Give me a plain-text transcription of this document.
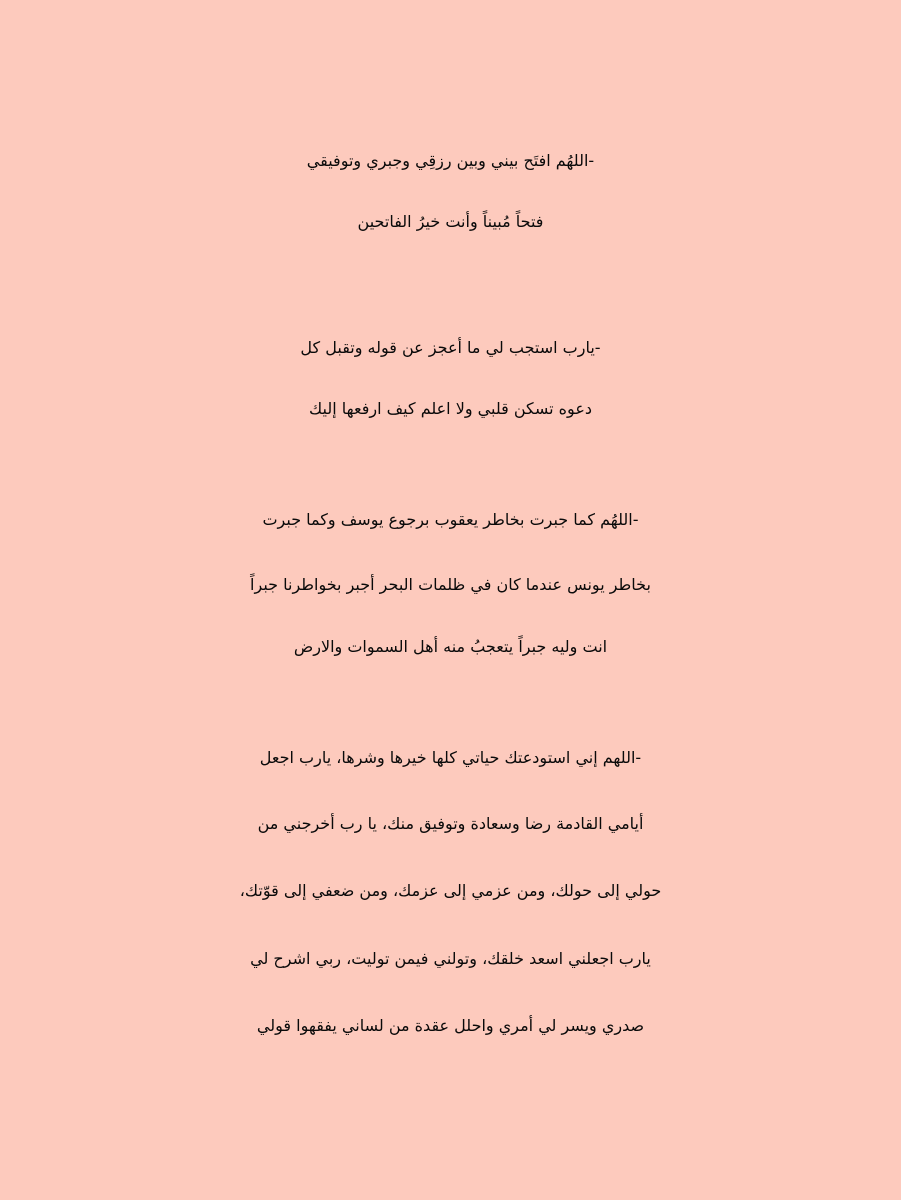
-اللهُم افتَح بيني وبين رزقِي وجبري وتوفيقي
فتحاً مُبيناً وأنت خيرُ الفاتحين
-يارب استجب لي ما أعجز عن قوله وتقبل كل
دعوه تسكن قلبي ولا اعلم كيف ارفعها إليك
-اللهُم كما جبرت بخاطر يعقوب برجوع يوسف وكما جبرت
بخاطر يونس عندما كان في ظلمات البحر أجبر بخواطرنا جبراً
انت وليه جبراً يتعجبُ منه أهل السموات والارض
-اللهم إني استودعتك حياتي كلها خيرها وشرها، يارب اجعل
أيامي القادمة رضا وسعادة وتوفيق منك، يا رب أخرجني من
حولي إلى حولك، ومن عزمي إلى عزمك، ومن ضعفي إلى قوّتك،
يارب اجعلني اسعد خلقك، وتولني فيمن توليت، ربي اشرح لي
صدري ويسر لي أمري واحلل عقدة من لساني يفقهوا قولي
